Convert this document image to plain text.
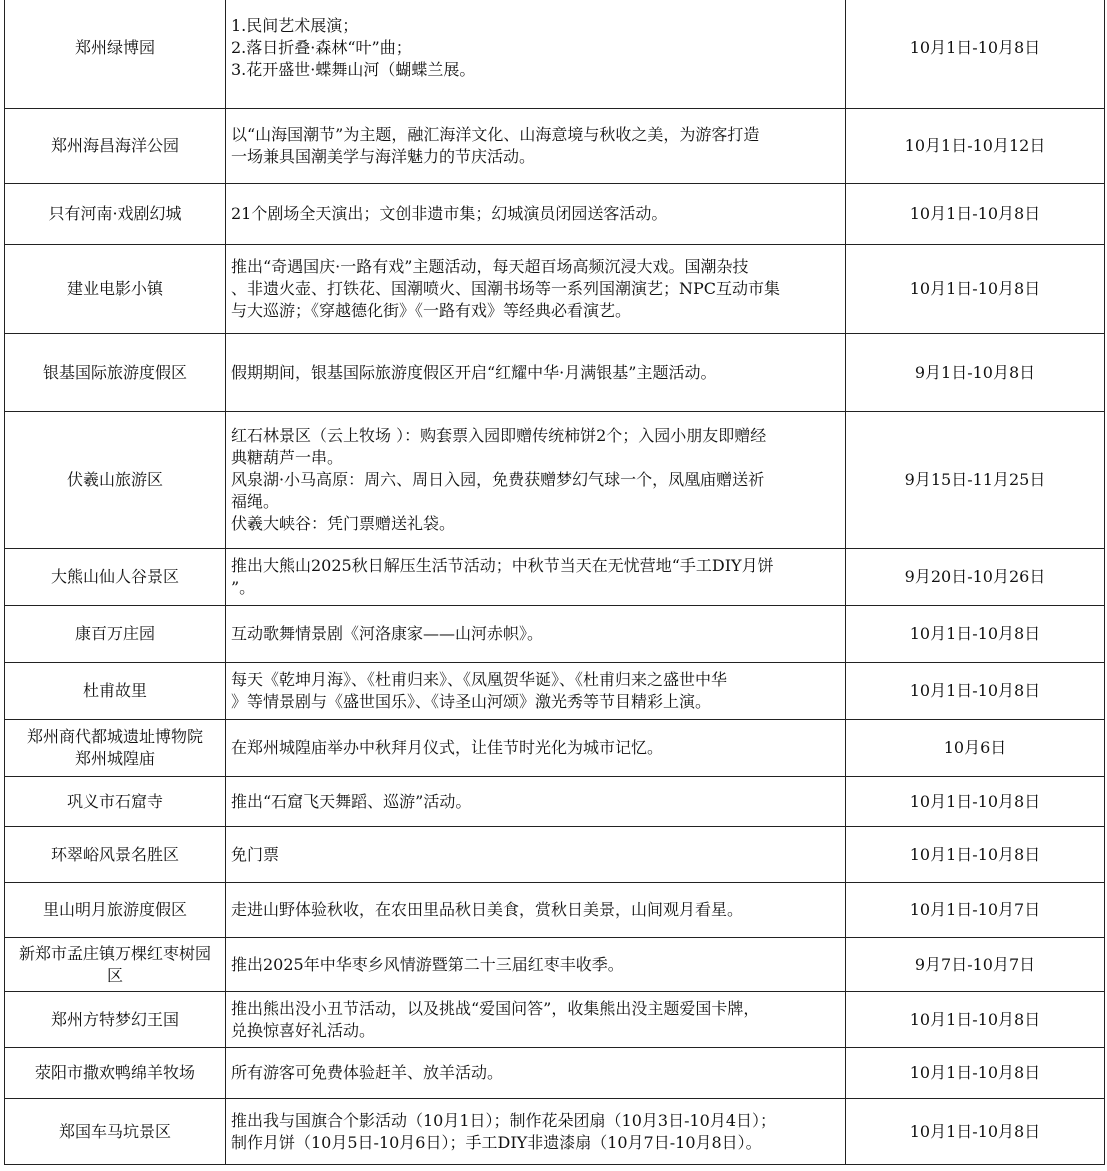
郑州绿博园	1.民间艺术展演；
2.落日折叠·森林“叶”曲；
3.花开盛世·蝶舞山河（蝴蝶兰展。	10月1日-10月8日

郑州海昌海洋公园	以“山海国潮节”为主题，融汇海洋文化、山海意境与秋收之美，为游客打造
一场兼具国潮美学与海洋魅力的节庆活动。	10月1日-10月12日

只有河南·戏剧幻城	21个剧场全天演出；文创非遗市集；幻城演员闭园送客活动。	10月1日-10月8日

建业电影小镇	推出“奇遇国庆·一路有戏”主题活动，每天超百场高频沉浸大戏。国潮杂技
、非遗火壶、打铁花、国潮喷火、国潮书场等一系列国潮演艺；NPC互动市集
与大巡游；《穿越德化街》《一路有戏》等经典必看演艺。	10月1日-10月8日

银基国际旅游度假区	假期期间，银基国际旅游度假区开启“红耀中华·月满银基”主题活动。	9月1日-10月8日

伏羲山旅游区	红石林景区（云上牧场 ）：购套票入园即赠传统柿饼2个；入园小朋友即赠经
典糖葫芦一串。
风泉湖·小马高原：周六、周日入园，免费获赠梦幻气球一个，凤凰庙赠送祈
福绳。
伏羲大峡谷：凭门票赠送礼袋。	9月15日-11月25日

大熊山仙人谷景区	推出大熊山2025秋日解压生活节活动；中秋节当天在无忧营地“手工DIY月饼
”。	9月20日-10月26日

康百万庄园	互动歌舞情景剧《河洛康家——山河赤帜》。	10月1日-10月8日

杜甫故里	每天《乾坤月海》、《杜甫归来》、《凤凰贺华诞》、《杜甫归来之盛世中华
》等情景剧与《盛世国乐》、《诗圣山河颂》激光秀等节目精彩上演。	10月1日-10月8日

郑州商代都城遗址博物院
郑州城隍庙	在郑州城隍庙举办中秋拜月仪式，让佳节时光化为城市记忆。	10月6日

巩义市石窟寺	推出“石窟飞天舞蹈、巡游”活动。	10月1日-10月8日

环翠峪风景名胜区	免门票	10月1日-10月8日

里山明月旅游度假区	走进山野体验秋收，在农田里品秋日美食，赏秋日美景，山间观月看星。	10月1日-10月7日

新郑市孟庄镇万棵红枣树园
区	推出2025年中华枣乡风情游暨第二十三届红枣丰收季。	9月7日-10月7日

郑州方特梦幻王国	推出熊出没小丑节活动，以及挑战“爱国问答”，收集熊出没主题爱国卡牌，
兑换惊喜好礼活动。	10月1日-10月8日

荥阳市撒欢鸭绵羊牧场	所有游客可免费体验赶羊、放羊活动。	10月1日-10月8日

郑国车马坑景区	推出我与国旗合个影活动（10月1日）；制作花朵团扇（10月3日-10月4日）；
制作月饼（10月5日-10月6日）；手工DIY非遗漆扇（10月7日-10月8日）。	10月1日-10月8日
